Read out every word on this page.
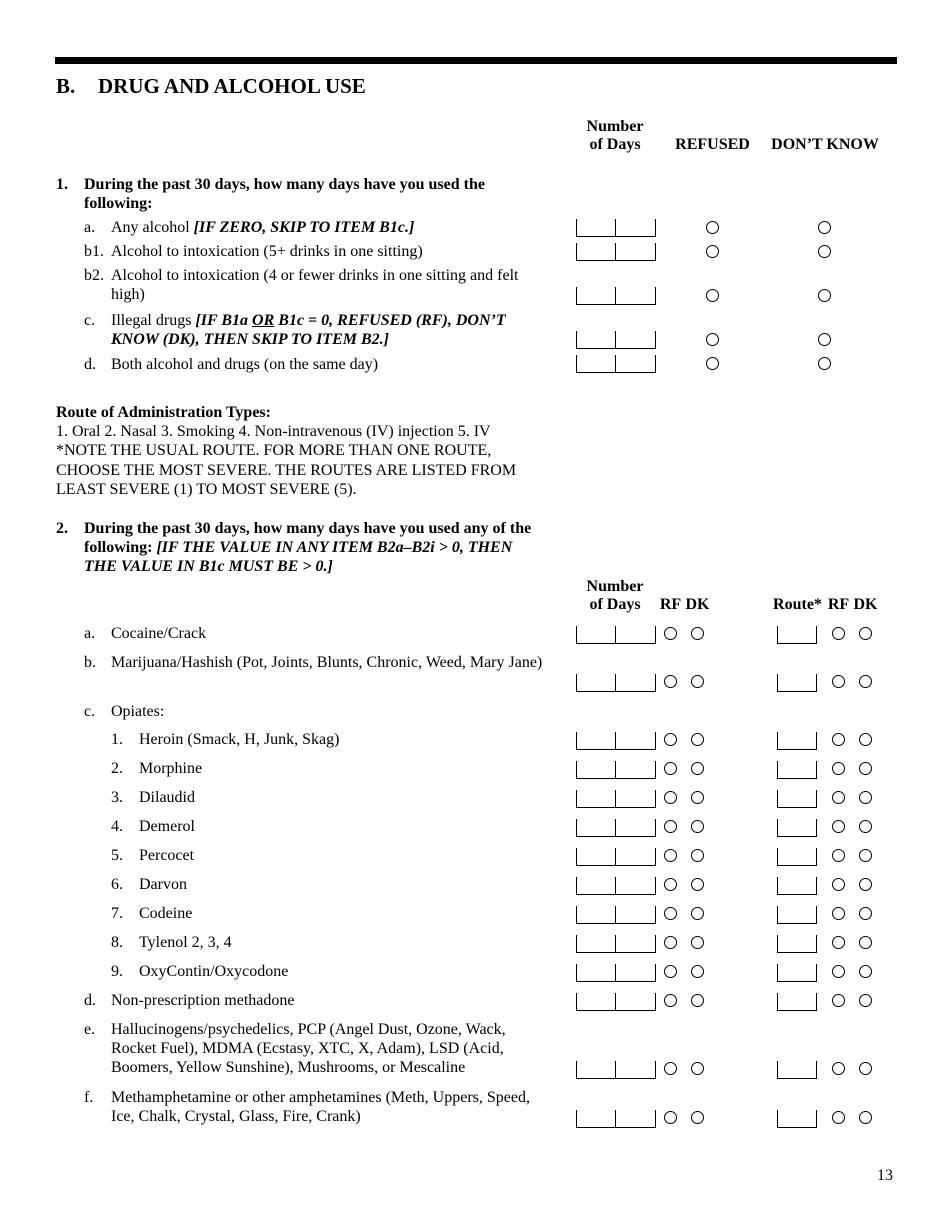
B. DRUG AND ALCOHOL USE
Number
of Days	REFUSED	DON’T KNOW
1. During the past 30 days, how many days have you used the following:
a. Any alcohol [IF ZERO, SKIP TO ITEM B1c.]
b1. Alcohol to intoxication (5+ drinks in one sitting)
b2. Alcohol to intoxication (4 or fewer drinks in one sitting and felt high)
c. Illegal drugs [IF B1a OR B1c = 0, REFUSED (RF), DON’T KNOW (DK), THEN SKIP TO ITEM B2.]
d. Both alcohol and drugs (on the same day)
Route of Administration Types:
1. Oral 2. Nasal 3. Smoking 4. Non-intravenous (IV) injection 5. IV
*NOTE THE USUAL ROUTE. FOR MORE THAN ONE ROUTE, CHOOSE THE MOST SEVERE. THE ROUTES ARE LISTED FROM LEAST SEVERE (1) TO MOST SEVERE (5).
2. During the past 30 days, how many days have you used any of the following: [IF THE VALUE IN ANY ITEM B2a–B2i > 0, THEN THE VALUE IN B1c MUST BE > 0.]
Number
of Days	RF DK	Route* RF DK
a. Cocaine/Crack
b. Marijuana/Hashish (Pot, Joints, Blunts, Chronic, Weed, Mary Jane)
c. Opiates:
1. Heroin (Smack, H, Junk, Skag)
2. Morphine
3. Dilaudid
4. Demerol
5. Percocet
6. Darvon
7. Codeine
8. Tylenol 2, 3, 4
9. OxyContin/Oxycodone
d. Non-prescription methadone
e. Hallucinogens/psychedelics, PCP (Angel Dust, Ozone, Wack, Rocket Fuel), MDMA (Ecstasy, XTC, X, Adam), LSD (Acid, Boomers, Yellow Sunshine), Mushrooms, or Mescaline
f. Methamphetamine or other amphetamines (Meth, Uppers, Speed, Ice, Chalk, Crystal, Glass, Fire, Crank)
13
